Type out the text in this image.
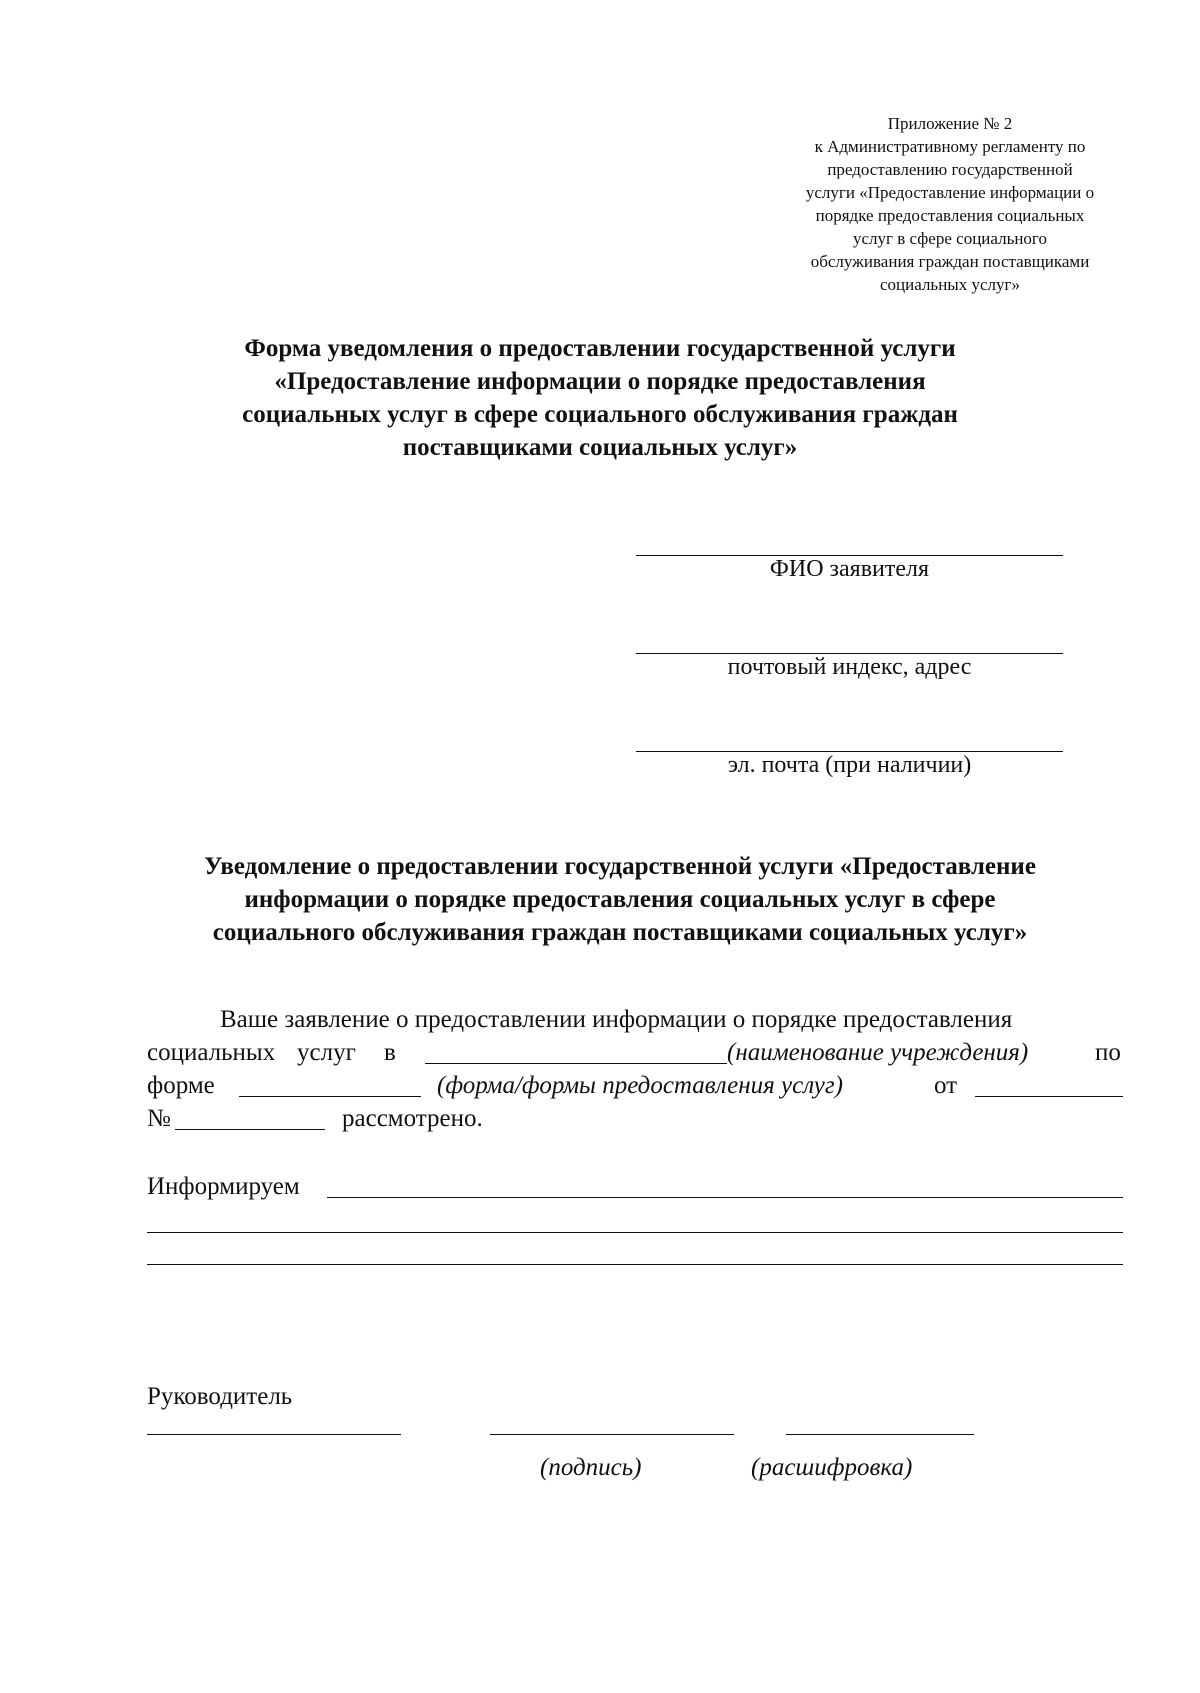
Приложение № 2
к Административному регламенту по
предоставлению государственной
услуги «Предоставление информации о
порядке предоставления социальных
услуг в сфере социального
обслуживания граждан поставщиками
социальных услуг»
Форма уведомления о предоставлении государственной услуги
«Предоставление информации о порядке предоставления
социальных услуг в сфере социального обслуживания граждан
поставщиками социальных услуг»
ФИО заявителя
почтовый индекс, адрес
эл. почта (при наличии)
Уведомление о предоставлении государственной услуги «Предоставление
информации о порядке предоставления социальных услуг в сфере
социального обслуживания граждан поставщиками социальных услуг»
Ваше заявление о предоставлении информации о порядке предоставления
социальных услуг в	(наименование учреждения)	по
форме	(форма/формы предоставления услуг)	от
№	рассмотрено.
Информируем
Руководитель
(подпись)	(расшифровка)
